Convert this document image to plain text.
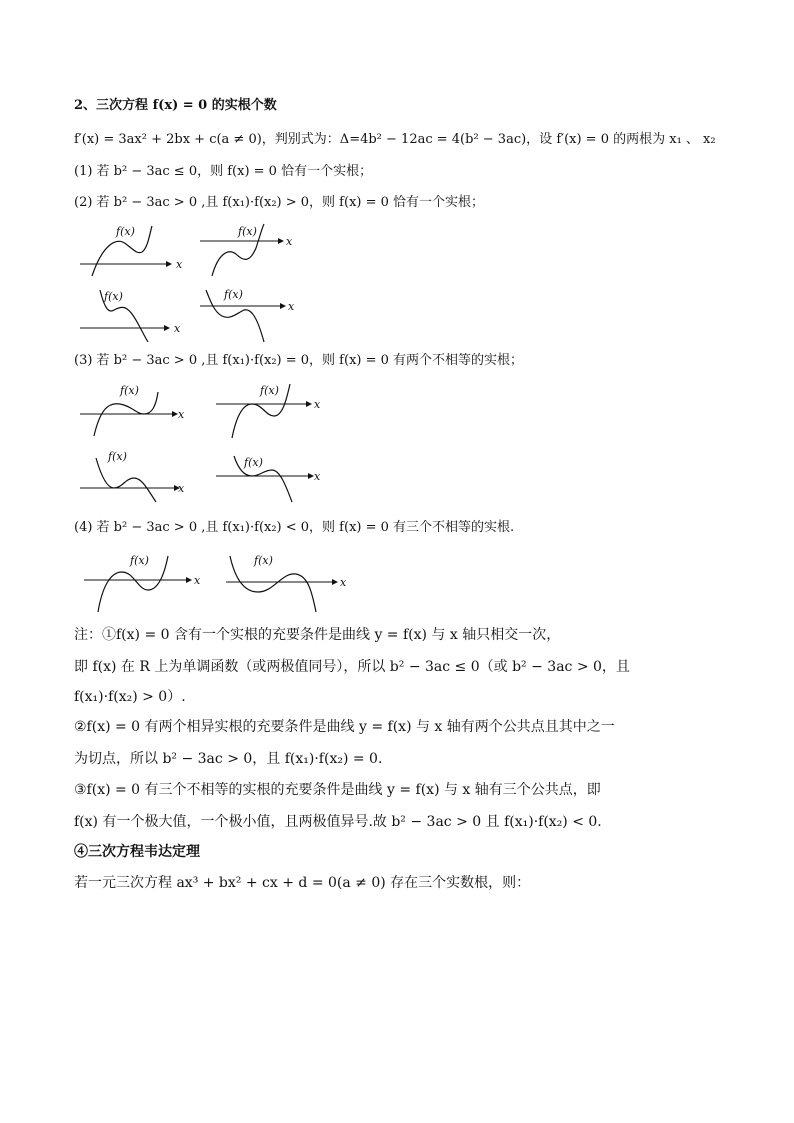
2、三次方程 f(x) = 0 的实根个数
f′(x) = 3ax² + 2bx + c(a ≠ 0)，判别式为：Δ=4b² − 12ac = 4(b² − 3ac)，设 f′(x) = 0 的两根为 x₁ 、 x₂
(1) 若 b² − 3ac ≤ 0，则 f(x) = 0 恰有一个实根；
(2) 若 b² − 3ac > 0 ,且 f(x₁)·f(x₂) > 0，则 f(x) = 0 恰有一个实根；
x
f(x)
x
f(x)
x
f(x)
x
f(x)
(3) 若 b² − 3ac > 0 ,且 f(x₁)·f(x₂) = 0，则 f(x) = 0 有两个不相等的实根；
x
f(x)
x
f(x)
x
f(x)
x
f(x)
(4) 若 b² − 3ac > 0 ,且 f(x₁)·f(x₂) < 0，则 f(x) = 0 有三个不相等的实根.
x
f(x)
x
f(x)
注：①f(x) = 0 含有一个实根的充要条件是曲线 y = f(x) 与 x 轴只相交一次，
即 f(x) 在 R 上为单调函数（或两极值同号），所以 b² − 3ac ≤ 0（或 b² − 3ac > 0，且
f(x₁)·f(x₂) > 0）.
②f(x) = 0 有两个相异实根的充要条件是曲线 y = f(x) 与 x 轴有两个公共点且其中之一
为切点，所以 b² − 3ac > 0，且 f(x₁)·f(x₂) = 0.
③f(x) = 0 有三个不相等的实根的充要条件是曲线 y = f(x) 与 x 轴有三个公共点，即
f(x) 有一个极大值，一个极小值，且两极值异号.故 b² − 3ac > 0 且 f(x₁)·f(x₂) < 0.
④三次方程韦达定理
若一元三次方程 ax³ + bx² + cx + d = 0(a ≠ 0) 存在三个实数根，则：
